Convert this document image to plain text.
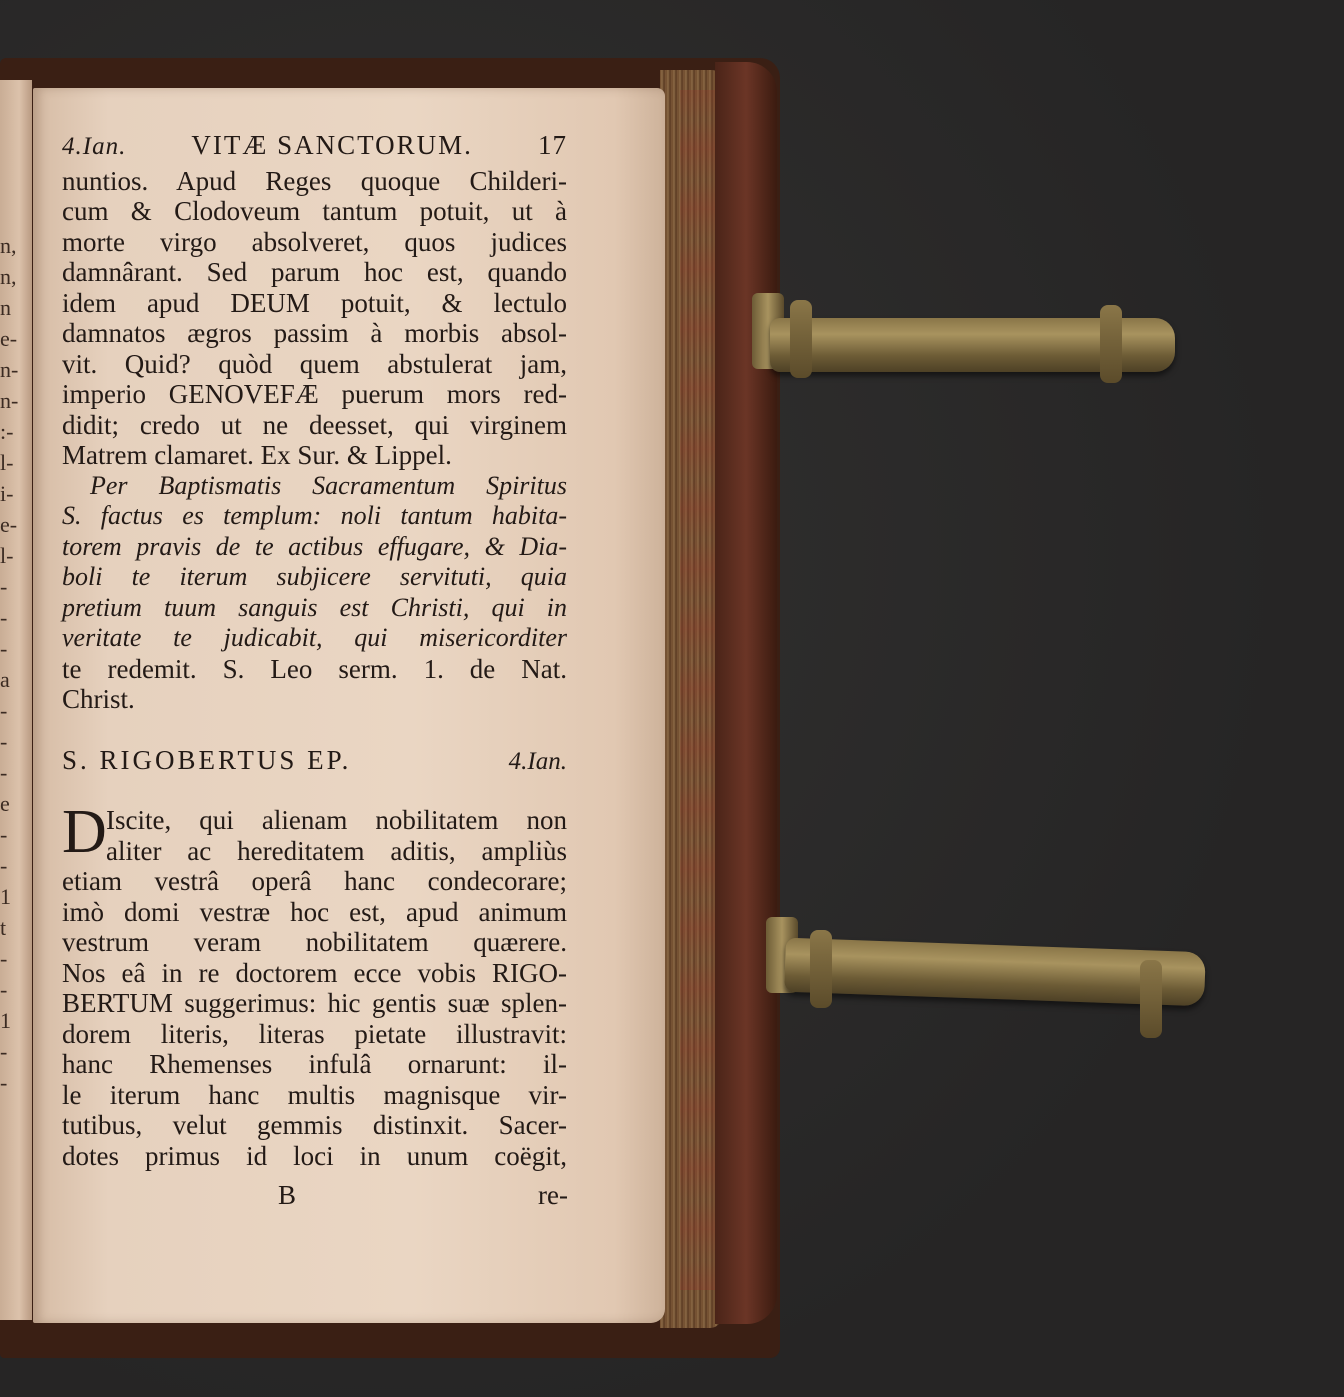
n,
n,
n
e-
n-
n-
:-
l-
i-
e-
l-
-
-
-
a
-
-
-
e
-
-
1
t
-
-
1
-
-
4.Ian. VITÆ SANCTORUM. 17
nuntios. Apud Reges quoque Childeri-
cum & Clodoveum tantum potuit, ut à
morte virgo absolveret, quos judices
damnârant. Sed parum hoc est, quando
idem apud DEUM potuit, & lectulo
damnatos ægros passim à morbis absol-
vit. Quid? quòd quem abstulerat jam,
imperio GENOVEFÆ puerum mors red-
didit; credo ut ne deesset, qui virginem
Matrem clamaret. Ex Sur. & Lippel.
Per Baptismatis Sacramentum Spiritus
S. factus es templum: noli tantum habita-
torem pravis de te actibus effugare, & Dia-
boli te iterum subjicere servituti, quia
pretium tuum sanguis est Christi, qui in
veritate te judicabit, qui misericorditer
te redemit. S. Leo serm. 1. de Nat.
Christ.
S. RIGOBERTUS EP.	4.Ian.
D Iscite, qui alienam nobilitatem non
aliter ac hereditatem aditis, ampliùs
etiam vestrâ operâ hanc condecorare;
imò domi vestræ hoc est, apud animum
vestrum veram nobilitatem quærere.
Nos eâ in re doctorem ecce vobis RIGO-
BERTUM suggerimus: hic gentis suæ splen-
dorem literis, literas pietate illustravit:
hanc Rhemenses infulâ ornarunt: il-
le iterum hanc multis magnisque vir-
tutibus, velut gemmis distinxit. Sacer-
dotes primus id loci in unum coëgit,
B	re-
